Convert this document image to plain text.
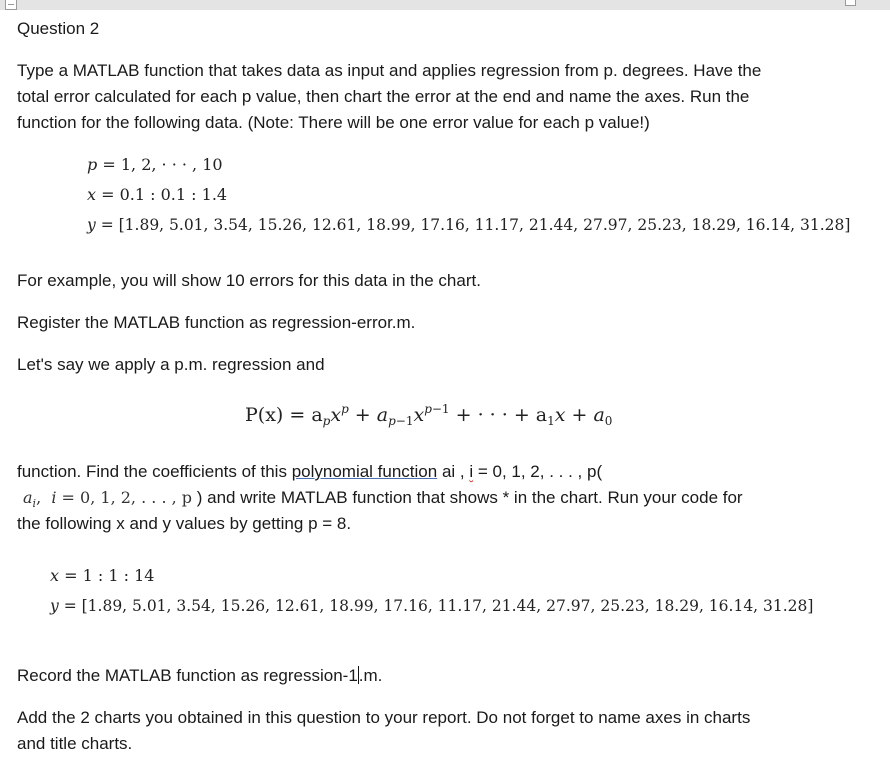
Question 2
Type a MATLAB function that takes data as input and applies regression from p. degrees. Have the
total error calculated for each p value, then chart the error at the end and name the axes. Run the
function for the following data. (Note: There will be one error value for each p value!)
p = 1, 2, · · · , 10
x = 0.1 : 0.1 : 1.4
y = [1.89, 5.01, 3.54, 15.26, 12.61, 18.99, 17.16, 11.17, 21.44, 27.97, 25.23, 18.29, 16.14, 31.28]
For example, you will show 10 errors for this data in the chart.
Register the MATLAB function as regression-error.m.
Let's say we apply a p.m. regression and
$P(x) = a_px^p + a_{p-1}x^{p-1}$ + · · · + $a_1x + a_0$
function. Find the coefficients of this polynomial function ai , i = 0, 1, 2, . . . , p(
$a_i$,  i = 0, 1, 2, . . . , p ) and write MATLAB function that shows * in the chart. Run your code for
the following x and y values by getting p = 8.
x = 1 : 1 : 14
y = [1.89, 5.01, 3.54, 15.26, 12.61, 18.99, 17.16, 11.17, 21.44, 27.97, 25.23, 18.29, 16.14, 31.28]
Record the MATLAB function as regression-1.m.
Add the 2 charts you obtained in this question to your report. Do not forget to name axes in charts
and title charts.
